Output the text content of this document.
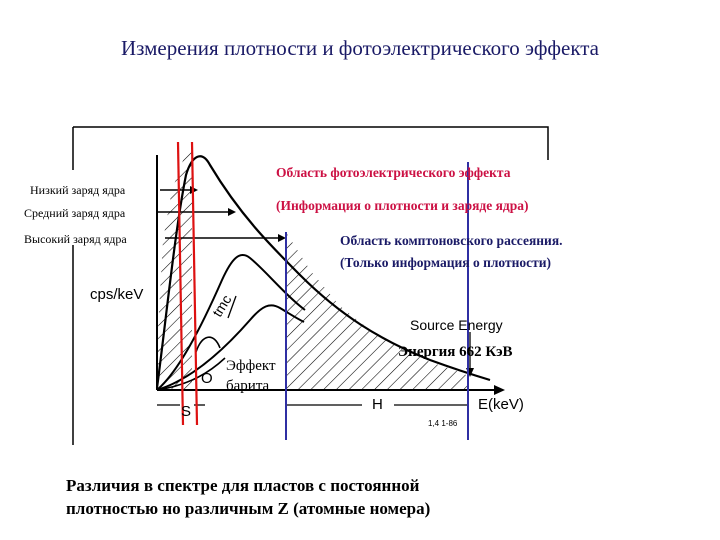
Измерения плотности и фотоэлектрического эффекта
Низкий заряд ядра
Средний заряд ядра
Высокий заряд ядра
Область фотоэлектрического эффекта
(Информация о плотности и заряде ядра)
Область комптоновского рассеяния.
(Только информация о плотности)
cps/keV	tmc
Source Energy
Энергия 662 КэВ
Эффект
барита
O
S	H	E(keV)
1,4 1-86
Различия в спектре для пластов с постоянной
плотностью но различным Z (атомные номера)
